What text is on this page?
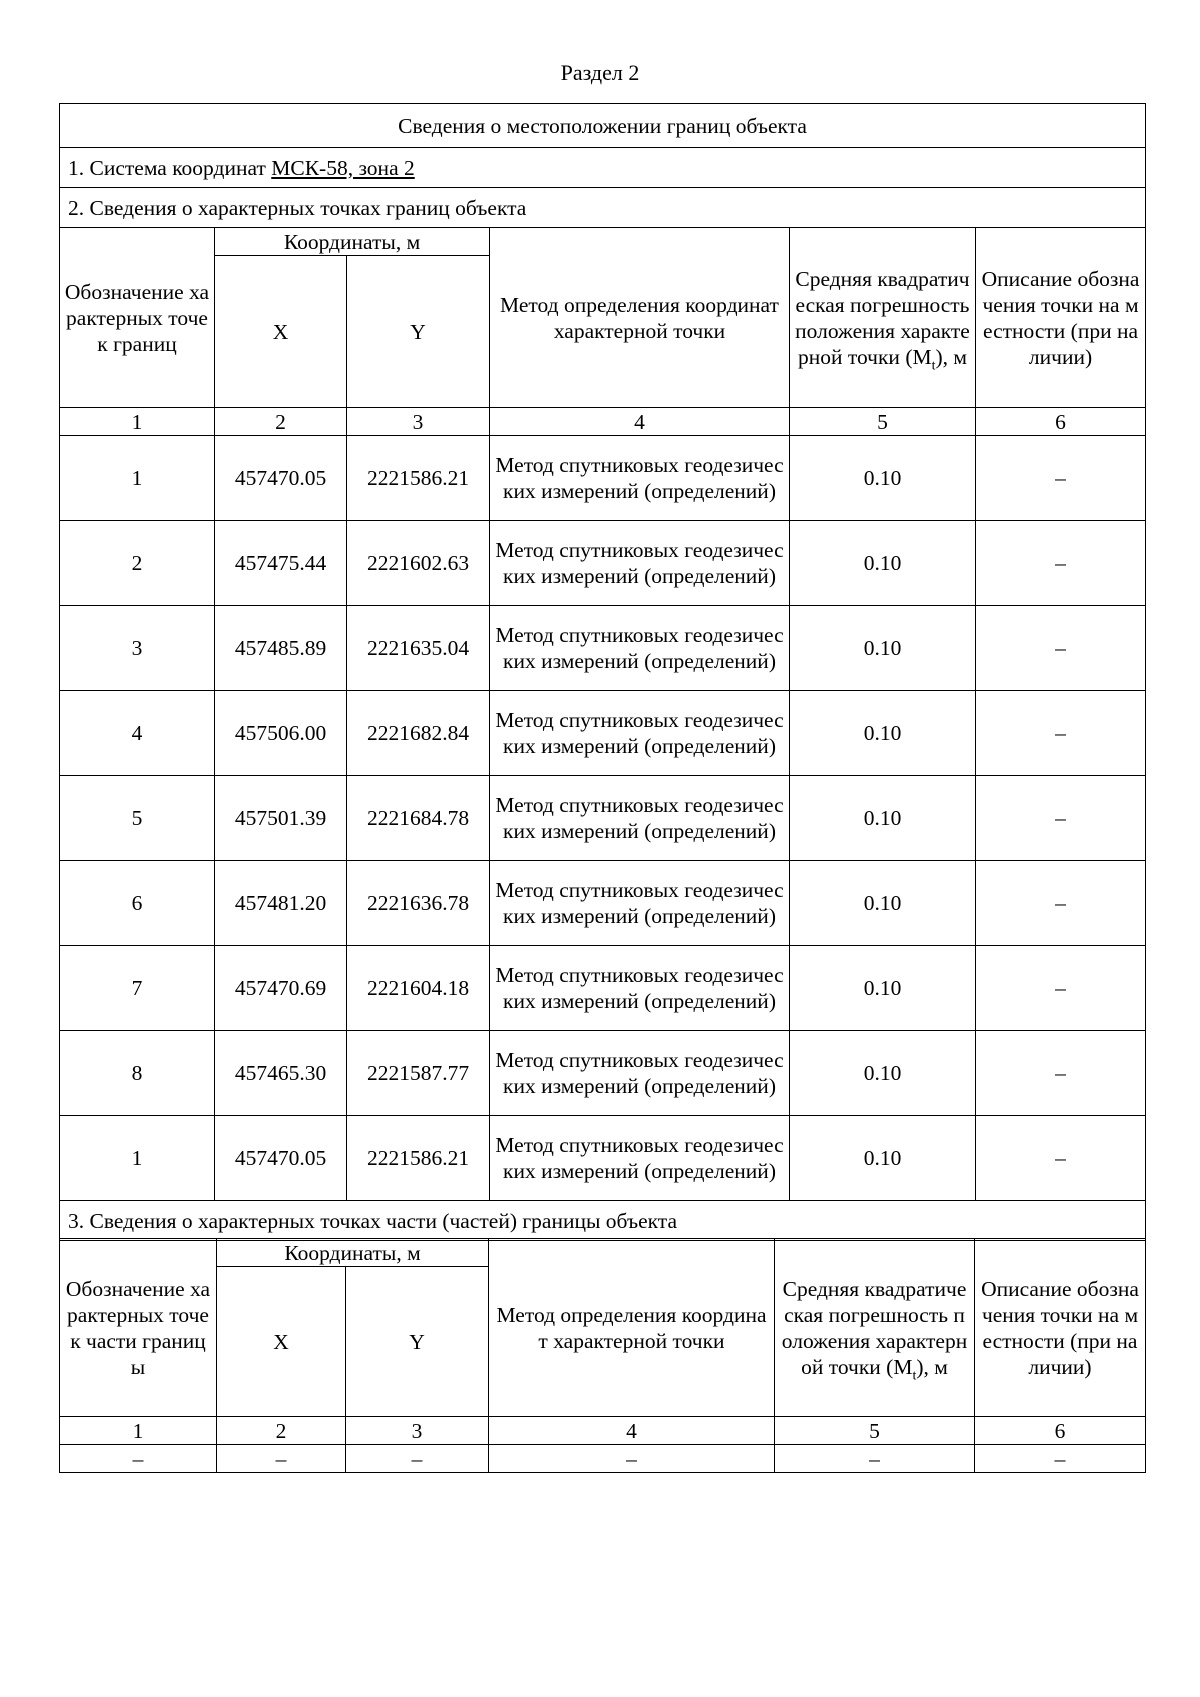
Раздел 2
Сведения о местоположении границ объекта					
1. Система координат МСК-58, зона 2					
2. Сведения о характерных точках границ объекта					
Обозначение характерных точек границ	Координаты, м		Метод определения координат характерной точки	Средняя квадратическая погрешность положения характерной точки $(M_t)$, м	Описание обозначения точки на местности (при наличии)
	X	Y			
1	2	3	4	5	6
1	457470.05	2221586.21	Метод спутниковых геодезических измерений (определений)	0.10	–
2	457475.44	2221602.63	Метод спутниковых геодезических измерений (определений)	0.10	–
3	457485.89	2221635.04	Метод спутниковых геодезических измерений (определений)	0.10	–
4	457506.00	2221682.84	Метод спутниковых геодезических измерений (определений)	0.10	–
5	457501.39	2221684.78	Метод спутниковых геодезических измерений (определений)	0.10	–
6	457481.20	2221636.78	Метод спутниковых геодезических измерений (определений)	0.10	–
7	457470.69	2221604.18	Метод спутниковых геодезических измерений (определений)	0.10	–
8	457465.30	2221587.77	Метод спутниковых геодезических измерений (определений)	0.10	–
1	457470.05	2221586.21	Метод спутниковых геодезических измерений (определений)	0.10	–
3. Сведения о характерных точках части (частей) границы объекта					
Обозначение характерных точек части границы	Координаты, м		Метод определения координат характерной точки	Средняя квадратическая погрешность положения характерной точки $(M_t)$, м	Описание обозначения точки на местности (при наличии)
	X	Y			
1	2	3	4	5	6
–	–	–	–	–	–
